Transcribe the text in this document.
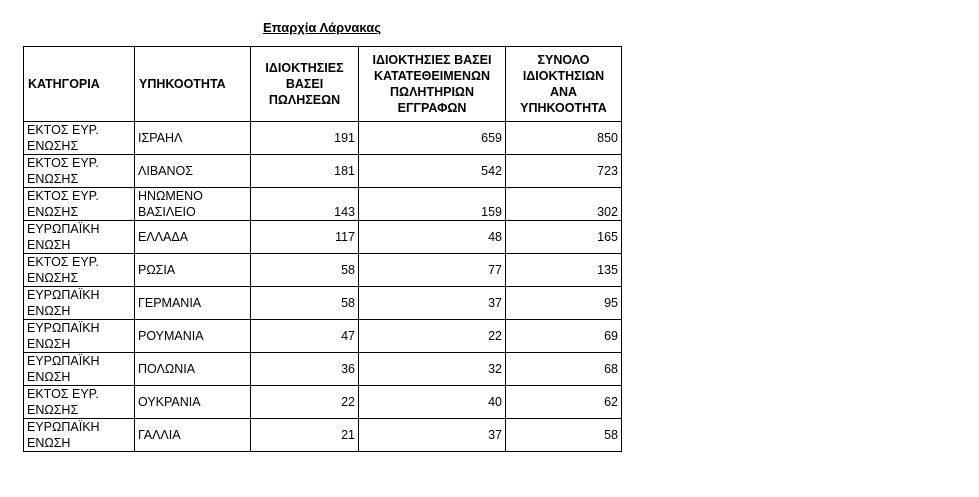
Επαρχία Λάρνακας
ΚΑΤΗΓΟΡΙΑ	ΥΠΗΚΟΟΤΗΤΑ	ΙΔΙΟΚΤΗΣΙΕΣ ΒΑΣΕΙ ΠΩΛΗΣΕΩΝ	ΙΔΙΟΚΤΗΣΙΕΣ ΒΑΣΕΙ ΚΑΤΑΤΕΘΕΙΜΕΝΩΝ ΠΩΛΗΤΗΡΙΩΝ ΕΓΓΡΑΦΩΝ	ΣΥΝΟΛΟ ΙΔΙΟΚΤΗΣΙΩΝ ΑΝΑ ΥΠΗΚΟΟΤΗΤΑ
ΕΚΤΟΣ ΕΥΡ. ΕΝΩΣΗΣ	ΙΣΡΑΗΛ	191	659	850
ΕΚΤΟΣ ΕΥΡ. ΕΝΩΣΗΣ	ΛΙΒΑΝΟΣ	181	542	723
ΕΚΤΟΣ ΕΥΡ. ΕΝΩΣΗΣ	ΗΝΩΜΕΝΟ ΒΑΣΙΛΕΙΟ	143	159	302
ΕΥΡΩΠΑΪΚΗ ΕΝΩΣΗ	ΕΛΛΑΔΑ	117	48	165
ΕΚΤΟΣ ΕΥΡ. ΕΝΩΣΗΣ	ΡΩΣΙΑ	58	77	135
ΕΥΡΩΠΑΪΚΗ ΕΝΩΣΗ	ΓΕΡΜΑΝΙΑ	58	37	95
ΕΥΡΩΠΑΪΚΗ ΕΝΩΣΗ	ΡΟΥΜΑΝΙΑ	47	22	69
ΕΥΡΩΠΑΪΚΗ ΕΝΩΣΗ	ΠΟΛΩΝΙΑ	36	32	68
ΕΚΤΟΣ ΕΥΡ. ΕΝΩΣΗΣ	ΟΥΚΡΑΝΙΑ	22	40	62
ΕΥΡΩΠΑΪΚΗ ΕΝΩΣΗ	ΓΑΛΛΙΑ	21	37	58
